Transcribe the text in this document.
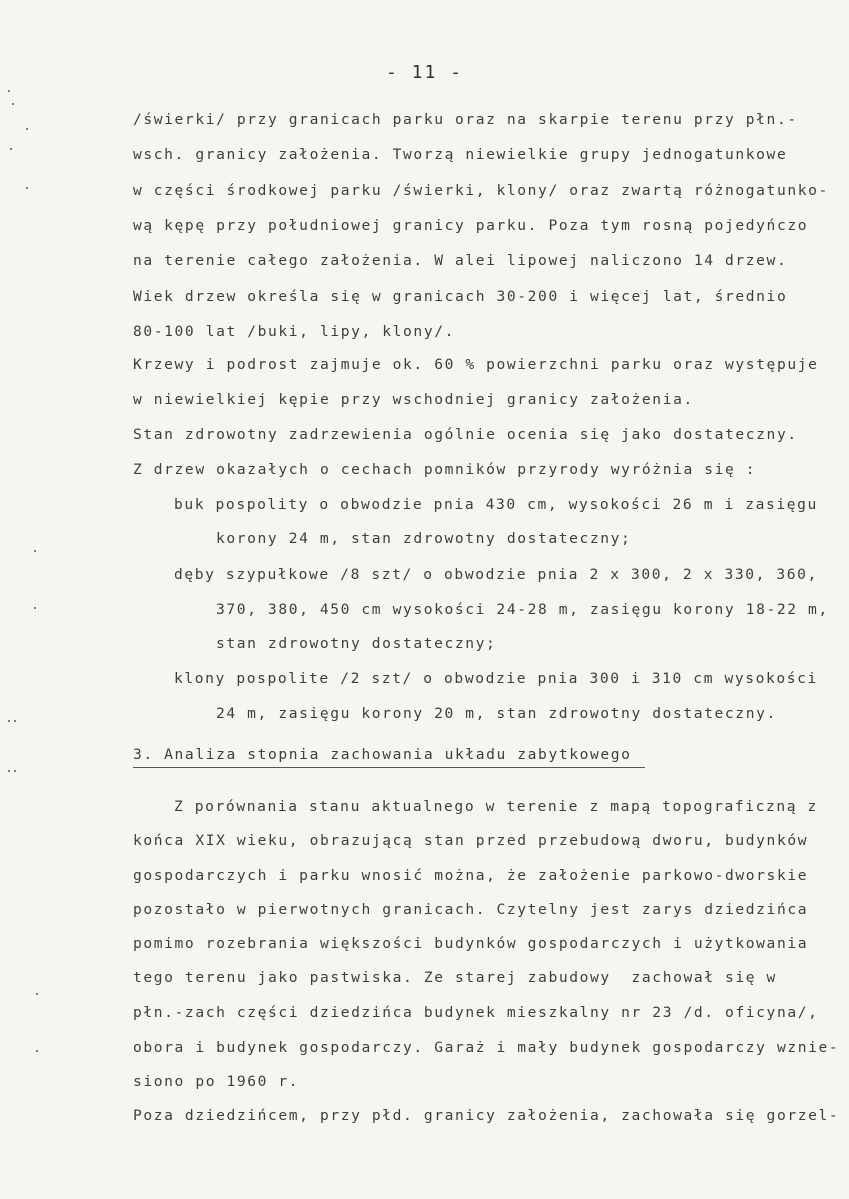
- 11 -
/świerki/ przy granicach parku oraz na skarpie terenu przy płn.-
wsch. granicy założenia. Tworzą niewielkie grupy jednogatunkowe
w części środkowej parku /świerki, klony/ oraz zwartą różnogatunko-
wą kępę przy południowej granicy parku. Poza tym rosną pojedyńczo
na terenie całego założenia. W alei lipowej naliczono 14 drzew.
Wiek drzew określa się w granicach 30-200 i więcej lat, średnio
80-100 lat /buki, lipy, klony/.
Krzewy i podrost zajmuje ok. 60 % powierzchni parku oraz występuje
w niewielkiej kępie przy wschodniej granicy założenia.
Stan zdrowotny zadrzewienia ogólnie ocenia się jako dostateczny.
Z drzew okazałych o cechach pomników przyrody wyróżnia się :
buk pospolity o obwodzie pnia 430 cm, wysokości 26 m i zasięgu
korony 24 m, stan zdrowotny dostateczny;
dęby szypułkowe /8 szt/ o obwodzie pnia 2 x 300, 2 x 330, 360,
370, 380, 450 cm wysokości 24-28 m, zasięgu korony 18-22 m,
stan zdrowotny dostateczny;
klony pospolite /2 szt/ o obwodzie pnia 300 i 310 cm wysokości
24 m, zasięgu korony 20 m, stan zdrowotny dostateczny.
3. Analiza stopnia zachowania układu zabytkowego
Z porównania stanu aktualnego w terenie z mapą topograficzną z
końca XIX wieku, obrazującą stan przed przebudową dworu, budynków
gospodarczych i parku wnosić można, że założenie parkowo-dworskie
pozostało w pierwotnych granicach. Czytelny jest zarys dziedzińca
pomimo rozebrania większości budynków gospodarczych i użytkowania
tego terenu jako pastwiska. Ze starej zabudowy  zachował się w
płn.-zach części dziedzińca budynek mieszkalny nr 23 /d. oficyna/,
obora i budynek gospodarczy. Garaż i mały budynek gospodarczy wznie-
siono po 1960 r.
Poza dziedzińcem, przy płd. granicy założenia, zachowała się gorzel-
